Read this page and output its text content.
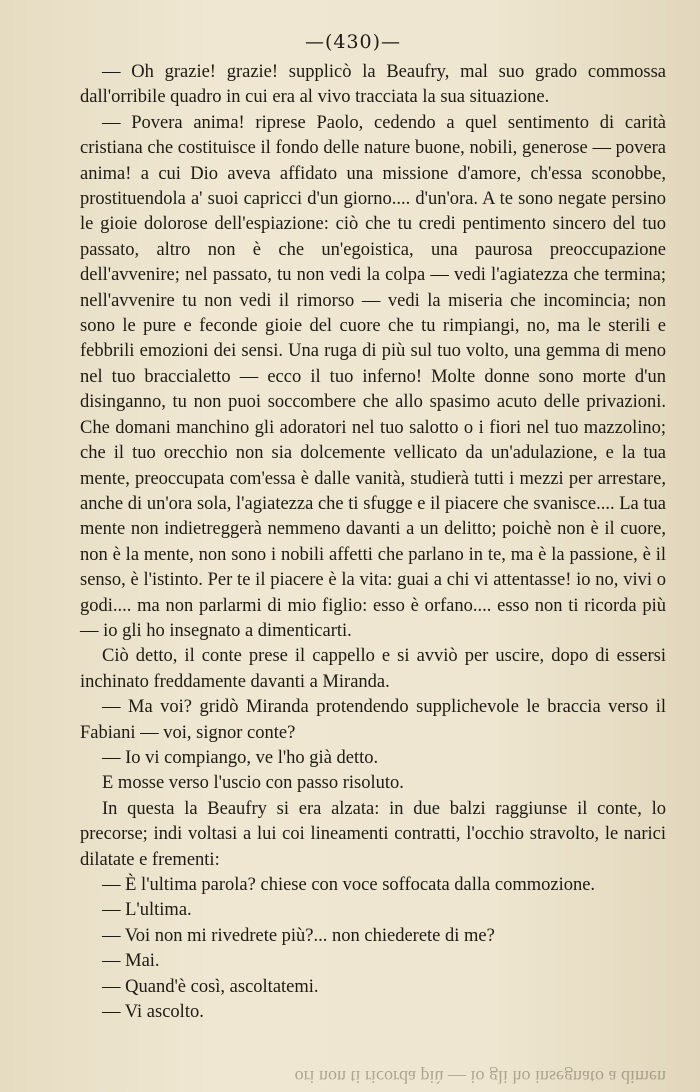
—(430)—

— Oh grazie! grazie! supplicò la Beaufry, mal suo grado commossa dall'orribile quadro in cui era al vivo tracciata la sua situazione.

— Povera anima! riprese Paolo, cedendo a quel sentimento di carità cristiana che costituisce il fondo delle nature buone, nobili, generose — povera anima! a cui Dio aveva affidato una missione d'amore, ch'essa sconobbe, prostituendola a' suoi capricci d'un giorno.... d'un'ora. A te sono negate persino le gioie dolorose dell'espiazione: ciò che tu credi pentimento sincero del tuo passato, altro non è che un'egoistica, una paurosa preoccupazione dell'avvenire; nel passato, tu non vedi la colpa — vedi l'agiatezza che termina; nell'avvenire tu non vedi il rimorso — vedi la miseria che incomincia; non sono le pure e feconde gioie del cuore che tu rimpiangi, no, ma le sterili e febbrili emozioni dei sensi. Una ruga di più sul tuo volto, una gemma di meno nel tuo braccialetto — ecco il tuo inferno! Molte donne sono morte d'un disinganno, tu non puoi soccombere che allo spasimo acuto delle privazioni. Che domani manchino gli adoratori nel tuo salotto o i fiori nel tuo mazzolino; che il tuo orecchio non sia dolcemente vellicato da un'adulazione, e la tua mente, preoccupata com'essa è dalle vanità, studierà tutti i mezzi per arrestare, anche di un'ora sola, l'agiatezza che ti sfugge e il piacere che svanisce.... La tua mente non indietreggerà nemmeno davanti a un delitto; poichè non è il cuore, non è la mente, non sono i nobili affetti che parlano in te, ma è la passione, è il senso, è l'istinto. Per te il piacere è la vita: guai a chi vi attentasse! io no, vivi o godi.... ma non parlarmi di mio figlio: esso è orfano.... esso non ti ricorda più — io gli ho insegnato a dimenticarti.

Ciò detto, il conte prese il cappello e si avviò per uscire, dopo di essersi inchinato freddamente davanti a Miranda.

— Ma voi? gridò Miranda protendendo supplichevole le braccia verso il Fabiani — voi, signor conte?

— Io vi compiango, ve l'ho già detto.

E mosse verso l'uscio con passo risoluto.

In questa la Beaufry si era alzata: in due balzi raggiunse il conte, lo precorse; indi voltasi a lui coi lineamenti contratti, l'occhio stravolto, le narici dilatate e frementi:

— È l'ultima parola? chiese con voce soffocata dalla commozione.

— L'ultima.

— Voi non mi rivedrete più?... non chiederete di me?

— Mai.

— Quand'è così, ascoltatemi.

— Vi ascolto.

ori non ti ricorda più — io gli ho insegnato a dimen
